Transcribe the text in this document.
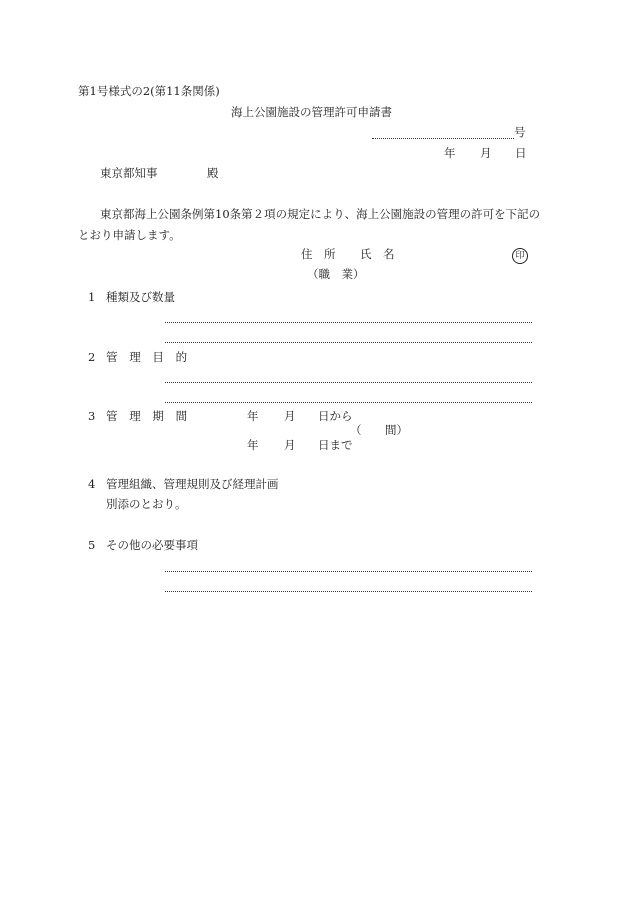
第1号様式の2(第11条関係)
海上公園施設の管理許可申請書
号
年 月 日
東京都知事	殿
東京都海上公園条例第10条第２項の規定により、海上公園施設の管理の許可を下記の
とおり申請します。
住　所 氏　名	印
（職　業）
1 種類及び数量
2 管 理 目 的
3 管 理 期 間	年 月 日から
（ 間）
年 月 日まで
4 管理組織、管理規則及び経理計画
別添のとおり。
5 その他の必要事項
